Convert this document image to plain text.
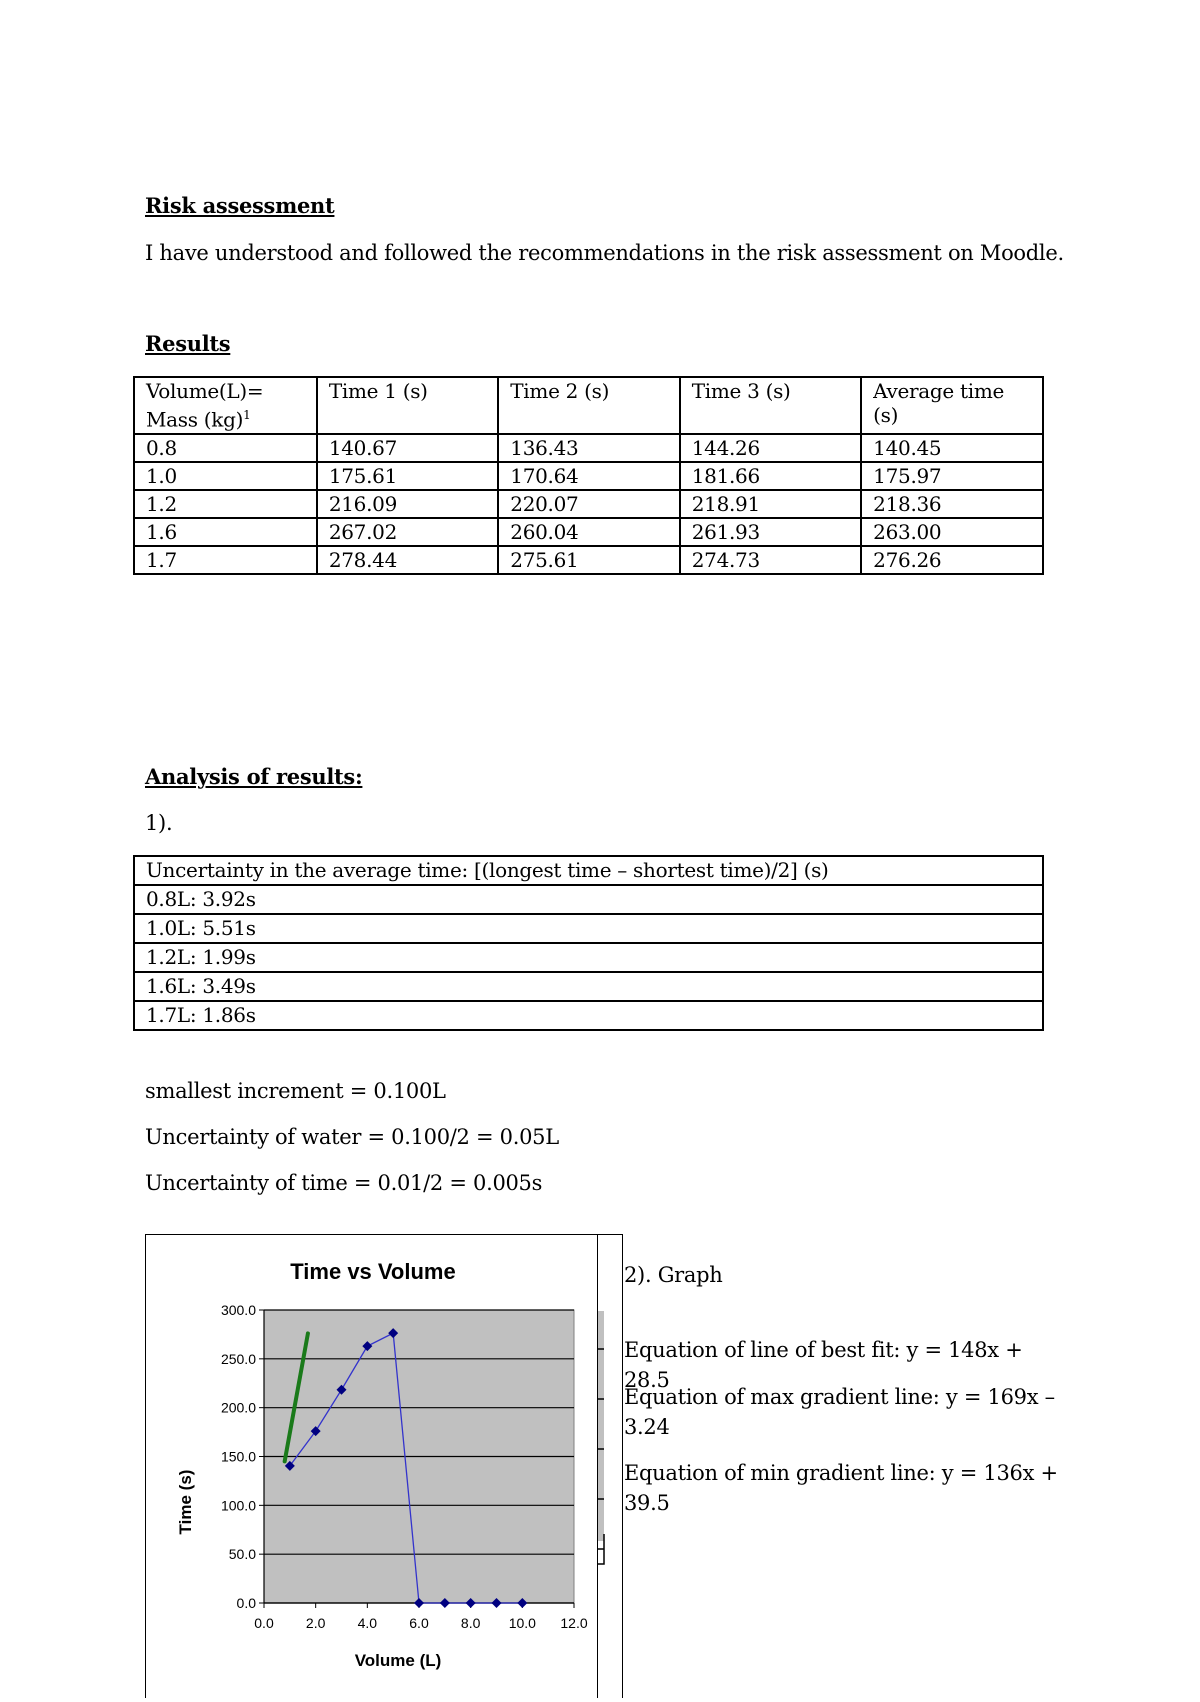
Risk assessment
I have understood and followed the recommendations in the risk assessment on Moodle.
Results
Volume(L)= Mass (kg)$^1$	Time 1 (s)	Time 2 (s)	Time 3 (s)	Average time (s)
0.8	140.67	136.43	144.26	140.45
1.0	175.61	170.64	181.66	175.97
1.2	216.09	220.07	218.91	218.36
1.6	267.02	260.04	261.93	263.00
1.7	278.44	275.61	274.73	276.26
Analysis of results:
1).
Uncertainty in the average time: [(longest time – shortest time)/2] (s)
0.8L: 3.92s
1.0L: 5.51s
1.2L: 1.99s
1.6L: 3.49s
1.7L: 1.86s
smallest increment = 0.100L
Uncertainty of water = 0.100/2 = 0.05L
Uncertainty of time = 0.01/2 = 0.005s
Time vs Volume
Time (s)
Volume (L)
0.0
50.0
100.0
150.0
200.0
250.0
300.0
0.0 2.0 4.0 6.0 8.0 10.0 12.0
2). Graph
Equation of line of best fit: y = 148x + 28.5
Equation of max gradient line: y = 169x – 3.24
Equation of min gradient line: y = 136x + 39.5
